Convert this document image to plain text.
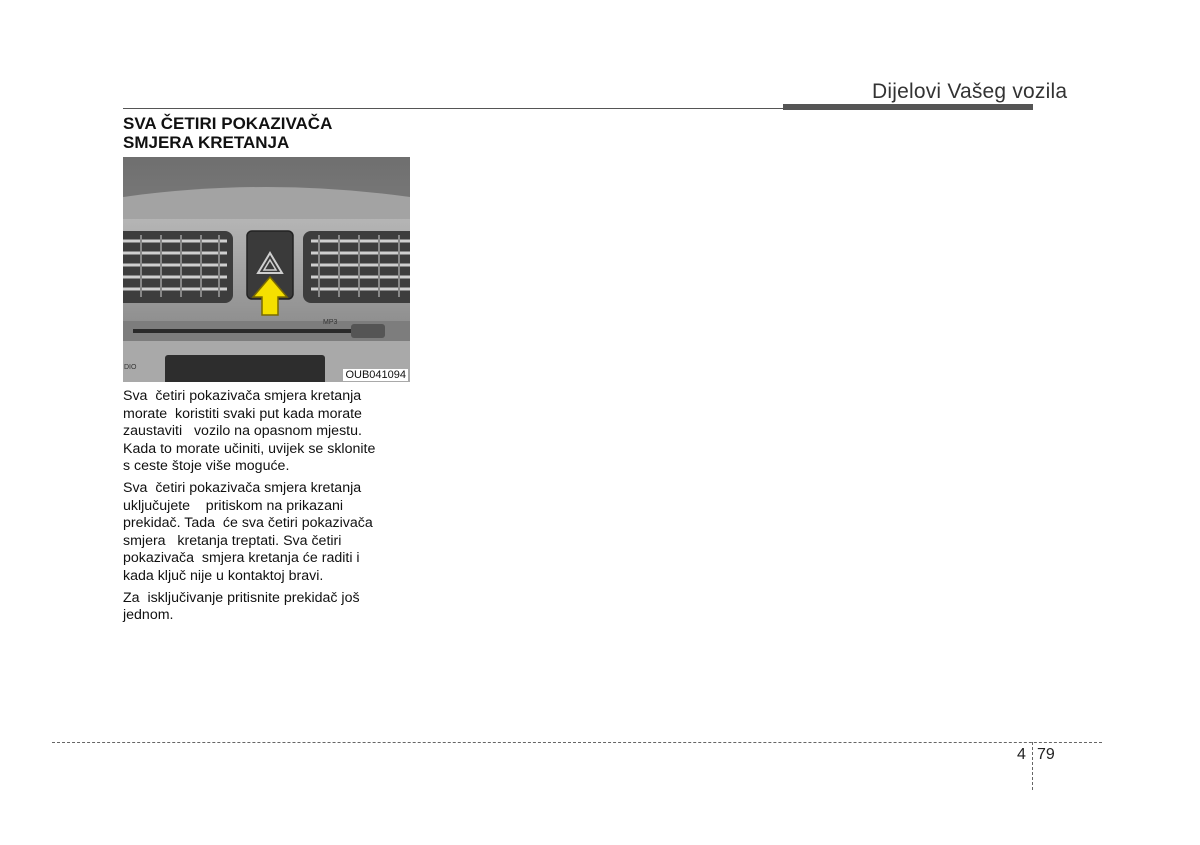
Dijelovi Vašeg vozila
SVA ČETIRI POKAZIVAČA
SMJERA KRETANJA
MP3
DIO
OUB041094

Sva  četiri pokazivača smjera kretanja
morate  koristiti svaki put kada morate
zaustaviti   vozilo na opasnom mjestu.
Kada to morate učiniti, uvijek se sklonite
s ceste štoje više moguće.

Sva  četiri pokazivača smjera kretanja
uključujete    pritiskom na prikazani
prekidač. Tada  će sva četiri pokazivača
smjera   kretanja treptati. Sva četiri
pokazivača  smjera kretanja će raditi i
kada ključ nije u kontaktoj bravi.

Za  isključivanje pritisnite prekidač još
jednom.

4 79
